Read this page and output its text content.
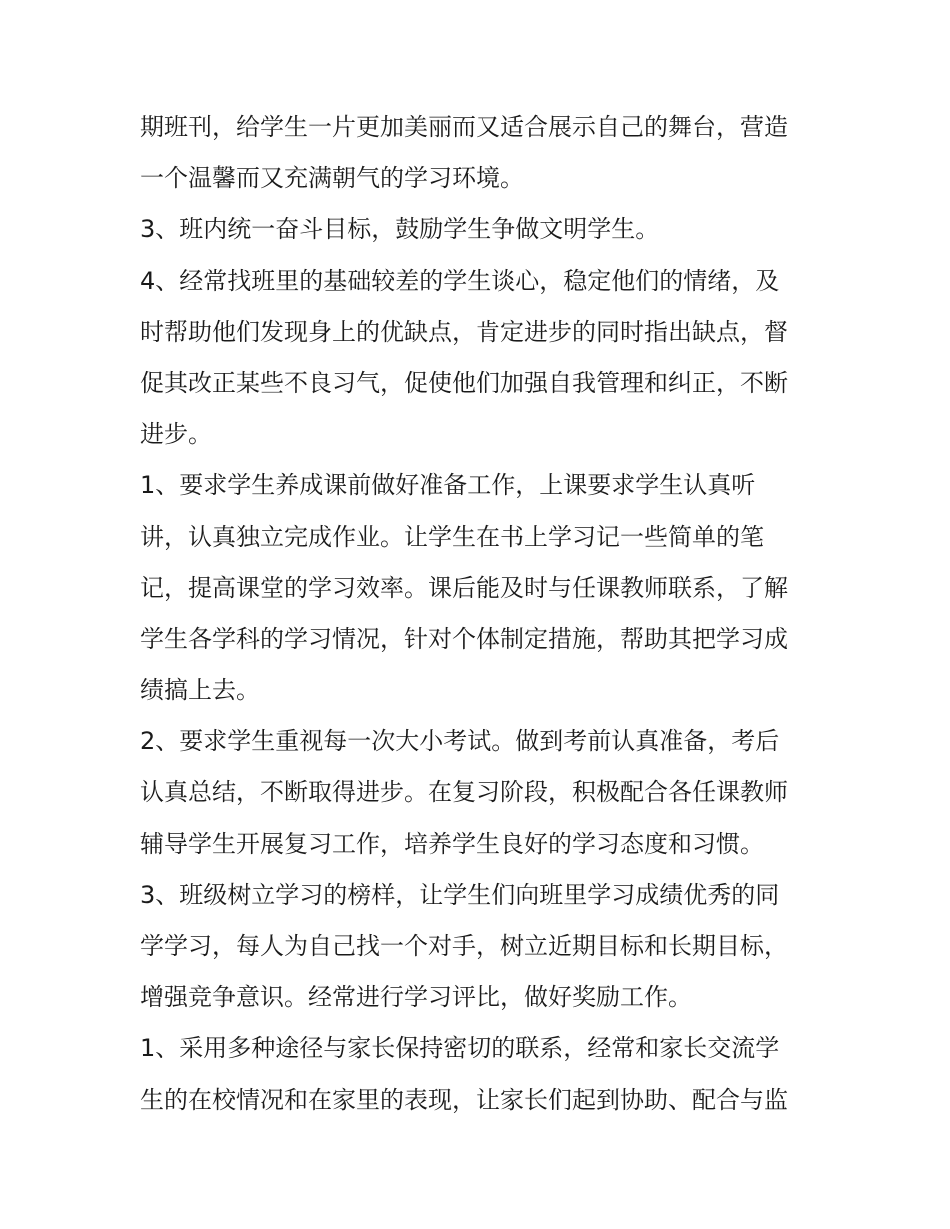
期班刊，给学生一片更加美丽而又适合展示自己的舞台，营造
一个温馨而又充满朝气的学习环境。
3、班内统一奋斗目标，鼓励学生争做文明学生。
4、经常找班里的基础较差的学生谈心，稳定他们的情绪，及
时帮助他们发现身上的优缺点，肯定进步的同时指出缺点，督
促其改正某些不良习气，促使他们加强自我管理和纠正，不断
进步。
1、要求学生养成课前做好准备工作，上课要求学生认真听
讲，认真独立完成作业。让学生在书上学习记一些简单的笔
记，提高课堂的学习效率。课后能及时与任课教师联系，了解
学生各学科的学习情况，针对个体制定措施，帮助其把学习成
绩搞上去。
2、要求学生重视每一次大小考试。做到考前认真准备，考后
认真总结，不断取得进步。在复习阶段，积极配合各任课教师
辅导学生开展复习工作，培养学生良好的学习态度和习惯。
3、班级树立学习的榜样，让学生们向班里学习成绩优秀的同
学学习，每人为自己找一个对手，树立近期目标和长期目标，
增强竞争意识。经常进行学习评比，做好奖励工作。
1、采用多种途径与家长保持密切的联系，经常和家长交流学
生的在校情况和在家里的表现，让家长们起到协助、配合与监
